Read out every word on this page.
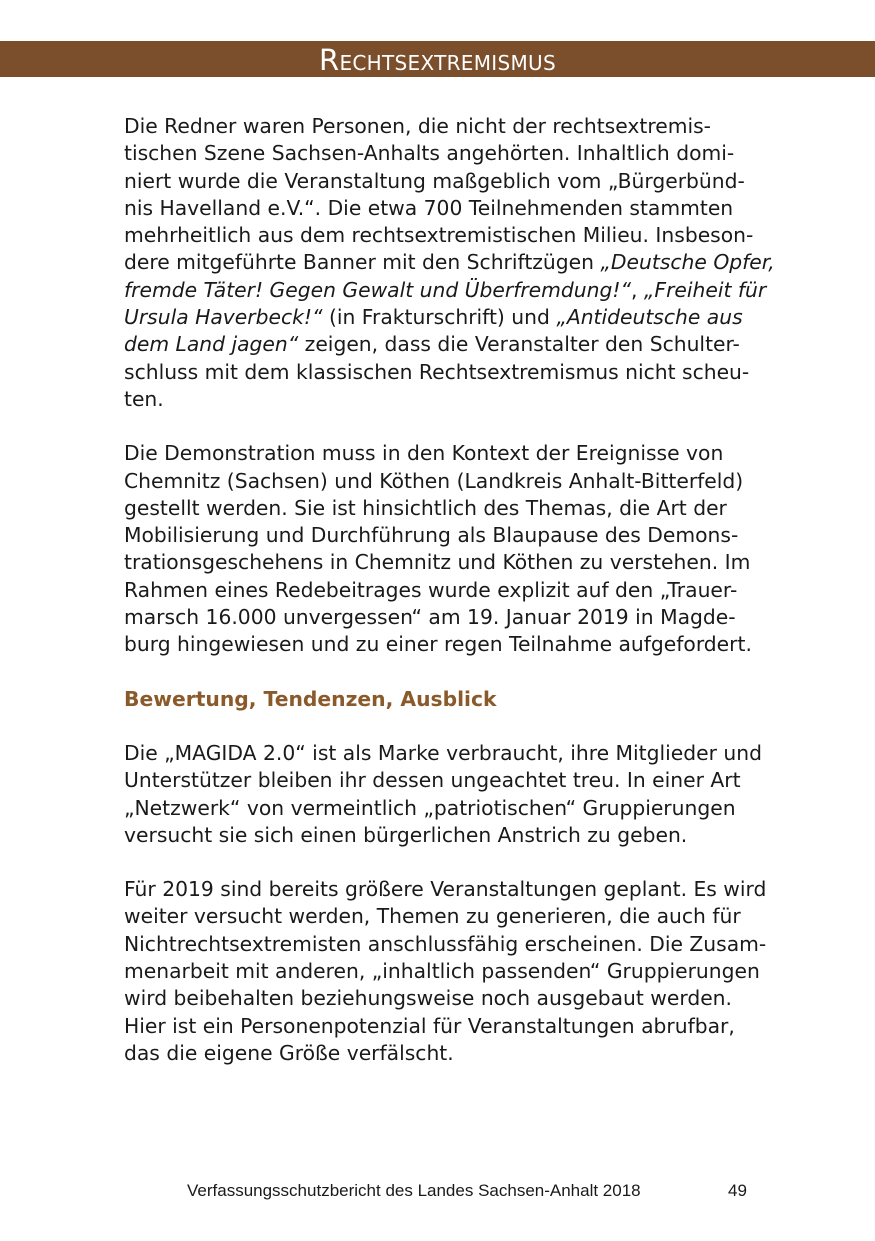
Rechtsextremismus

Die Redner waren Personen, die nicht der rechtsextremis-
tischen Szene Sachsen-Anhalts angehörten. Inhaltlich domi-
niert wurde die Veranstaltung maßgeblich vom „Bürgerbünd-
nis Havelland e.V.“. Die etwa 700 Teilnehmenden stammten
mehrheitlich aus dem rechtsextremistischen Milieu. Insbeson-
dere mitgeführte Banner mit den Schriftzügen „Deutsche Opfer,
fremde Täter! Gegen Gewalt und Überfremdung!“, „Freiheit für
Ursula Haverbeck!“ (in Frakturschrift) und „Antideutsche aus
dem Land jagen“ zeigen, dass die Veranstalter den Schulter-
schluss mit dem klassischen Rechtsextremismus nicht scheu-
ten.

Die Demonstration muss in den Kontext der Ereignisse von
Chemnitz (Sachsen) und Köthen (Landkreis Anhalt-Bitterfeld)
gestellt werden. Sie ist hinsichtlich des Themas, die Art der
Mobilisierung und Durchführung als Blaupause des Demons-
trationsgeschehens in Chemnitz und Köthen zu verstehen. Im
Rahmen eines Redebeitrages wurde explizit auf den „Trauer-
marsch 16.000 unvergessen“ am 19. Januar 2019 in Magde-
burg hingewiesen und zu einer regen Teilnahme aufgefordert.

Bewertung, Tendenzen, Ausblick

Die „MAGIDA 2.0“ ist als Marke verbraucht, ihre Mitglieder und
Unterstützer bleiben ihr dessen ungeachtet treu. In einer Art
„Netzwerk“ von vermeintlich „patriotischen“ Gruppierungen
versucht sie sich einen bürgerlichen Anstrich zu geben.

Für 2019 sind bereits größere Veranstaltungen geplant. Es wird
weiter versucht werden, Themen zu generieren, die auch für
Nichtrechtsextremisten anschlussfähig erscheinen. Die Zusam-
menarbeit mit anderen, „inhaltlich passenden“ Gruppierungen
wird beibehalten beziehungsweise noch ausgebaut werden.
Hier ist ein Personenpotenzial für Veranstaltungen abrufbar,
das die eigene Größe verfälscht.

Verfassungsschutzbericht des Landes Sachsen-Anhalt 2018	49
